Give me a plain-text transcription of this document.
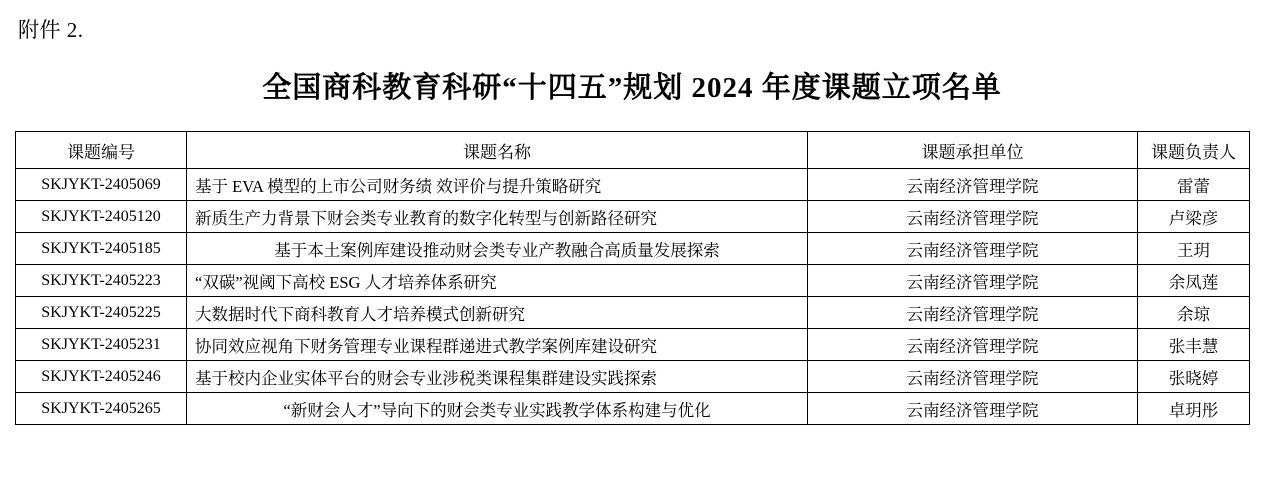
附件 2.
全国商科教育科研“十四五”规划 2024 年度课题立项名单
课题编号	课题名称	课题承担单位	课题负责人
SKJYKT-2405069	基于 EVA 模型的上市公司财务绩 效评价与提升策略研究	云南经济管理学院	雷蕾
SKJYKT-2405120	新质生产力背景下财会类专业教育的数字化转型与创新路径研究	云南经济管理学院	卢梁彦
SKJYKT-2405185	基于本土案例库建设推动财会类专业产教融合高质量发展探索	云南经济管理学院	王玥
SKJYKT-2405223	“双碳”视阈下高校 ESG 人才培养体系研究	云南经济管理学院	余凤莲
SKJYKT-2405225	大数据时代下商科教育人才培养模式创新研究	云南经济管理学院	余琼
SKJYKT-2405231	协同效应视角下财务管理专业课程群递进式教学案例库建设研究	云南经济管理学院	张丰慧
SKJYKT-2405246	基于校内企业实体平台的财会专业涉税类课程集群建设实践探索	云南经济管理学院	张晓婷
SKJYKT-2405265	“新财会人才”导向下的财会类专业实践教学体系构建与优化	云南经济管理学院	卓玥彤
